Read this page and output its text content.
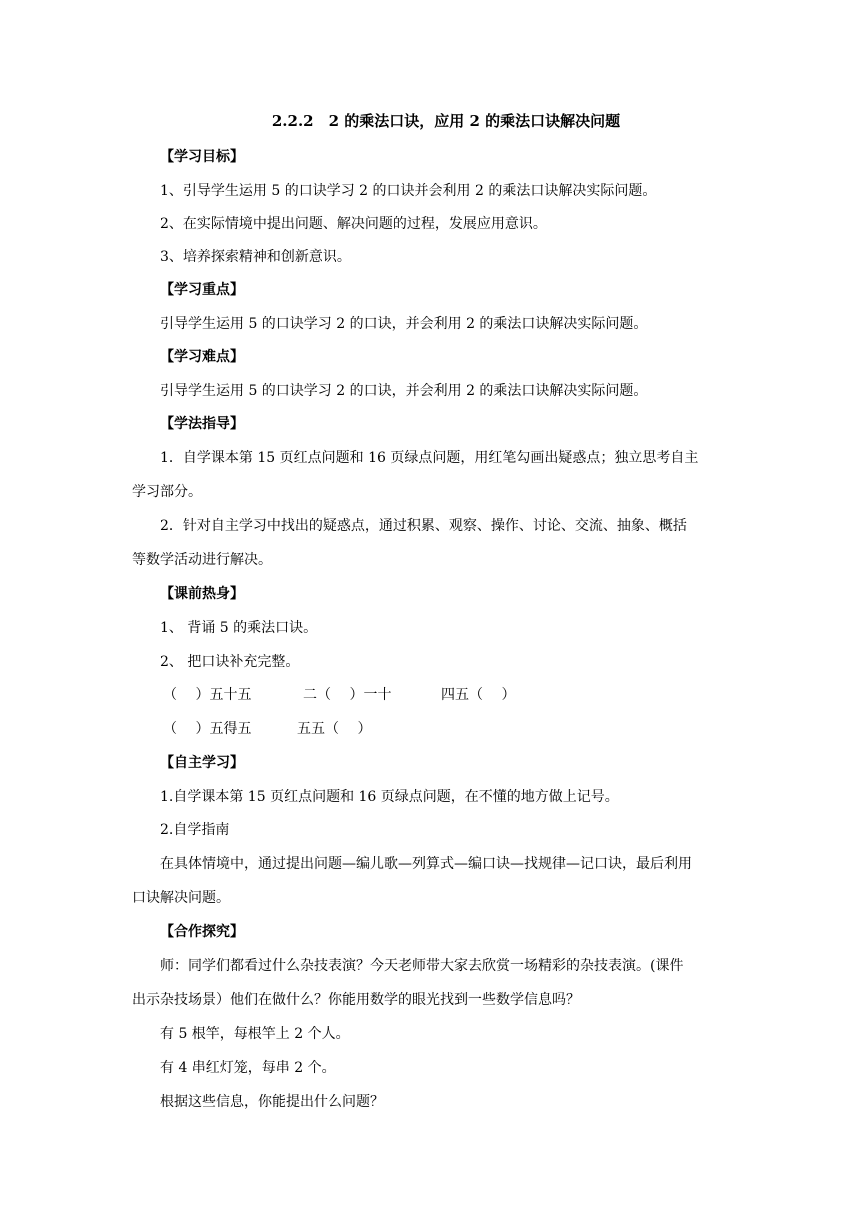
2.2.2　2 的乘法口诀，应用 2 的乘法口诀解决问题
【学习目标】
1、引导学生运用 5 的口诀学习 2 的口诀并会利用 2 的乘法口诀解决实际问题。
2、在实际情境中提出问题、解决问题的过程，发展应用意识。
3、培养探索精神和创新意识。
【学习重点】
引导学生运用 5 的口诀学习 2 的口诀，并会利用 2 的乘法口诀解决实际问题。
【学习难点】
引导学生运用 5 的口诀学习 2 的口诀，并会利用 2 的乘法口诀解决实际问题。
【学法指导】
1．自学课本第 15 页红点问题和 16 页绿点问题，用红笔勾画出疑惑点；独立思考自主
学习部分。
2．针对自主学习中找出的疑惑点，通过积累、观察、操作、讨论、交流、抽象、概括
等数学活动进行解决。
【课前热身】
1、 背诵 5 的乘法口诀。
2、 把口诀补充完整。
（　 ）五十五	二（　 ）一十	四五（　 ）
（　 ）五得五	五五（　 ）
【自主学习】
1.自学课本第 15 页红点问题和 16 页绿点问题，在不懂的地方做上记号。
2.自学指南
在具体情境中，通过提出问题—编儿歌—列算式—编口诀—找规律—记口诀，最后利用
口诀解决问题。
【合作探究】
师：同学们都看过什么杂技表演？今天老师带大家去欣赏一场精彩的杂技表演。(课件
出示杂技场景）他们在做什么？你能用数学的眼光找到一些数学信息吗？
有 5 根竿，每根竿上 2 个人。
有 4 串红灯笼，每串 2 个。
根据这些信息，你能提出什么问题？
